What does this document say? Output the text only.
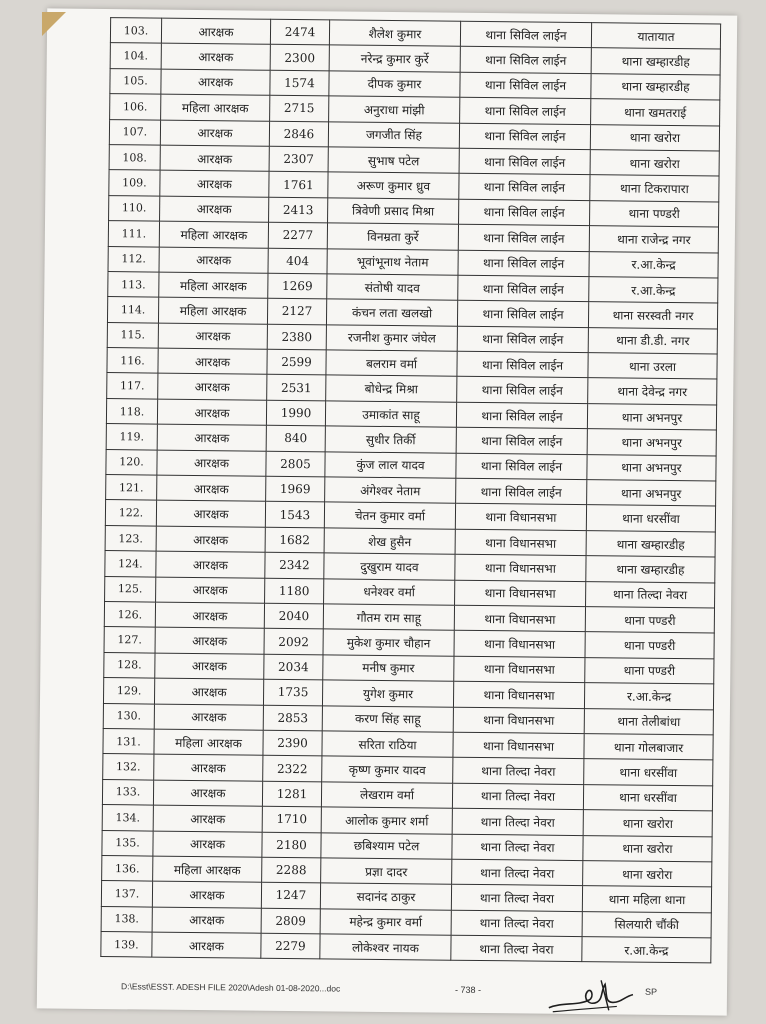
103.	आरक्षक	2474	शैलेश कुमार	थाना सिविल लाईन	यातायात
104.	आरक्षक	2300	नरेन्द्र कुमार कुर्रे	थाना सिविल लाईन	थाना खम्हारडीह
105.	आरक्षक	1574	दीपक कुमार	थाना सिविल लाईन	थाना खम्हारडीह
106.	महिला आरक्षक	2715	अनुराधा मांझी	थाना सिविल लाईन	थाना खमतराई
107.	आरक्षक	2846	जगजीत सिंह	थाना सिविल लाईन	थाना खरोरा
108.	आरक्षक	2307	सुभाष पटेल	थाना सिविल लाईन	थाना खरोरा
109.	आरक्षक	1761	अरूण कुमार ध्रुव	थाना सिविल लाईन	थाना टिकरापारा
110.	आरक्षक	2413	त्रिवेणी प्रसाद मिश्रा	थाना सिविल लाईन	थाना पण्डरी
111.	महिला आरक्षक	2277	विनम्रता कुर्रे	थाना सिविल लाईन	थाना राजेन्द्र नगर
112.	आरक्षक	404	भूवांभूनाथ नेताम	थाना सिविल लाईन	र.आ.केन्द्र
113.	महिला आरक्षक	1269	संतोषी यादव	थाना सिविल लाईन	र.आ.केन्द्र
114.	महिला आरक्षक	2127	कंचन लता खलखो	थाना सिविल लाईन	थाना सरस्वती नगर
115.	आरक्षक	2380	रजनीश कुमार जंघेल	थाना सिविल लाईन	थाना डी.डी. नगर
116.	आरक्षक	2599	बलराम वर्मा	थाना सिविल लाईन	थाना उरला
117.	आरक्षक	2531	बोधेन्द्र मिश्रा	थाना सिविल लाईन	थाना देवेन्द्र नगर
118.	आरक्षक	1990	उमाकांत साहू	थाना सिविल लाईन	थाना अभनपुर
119.	आरक्षक	840	सुधीर तिर्की	थाना सिविल लाईन	थाना अभनपुर
120.	आरक्षक	2805	कुंज लाल यादव	थाना सिविल लाईन	थाना अभनपुर
121.	आरक्षक	1969	अंगेश्वर नेताम	थाना सिविल लाईन	थाना अभनपुर
122.	आरक्षक	1543	चेतन कुमार वर्मा	थाना विधानसभा	थाना धरसींवा
123.	आरक्षक	1682	शेख हुसैन	थाना विधानसभा	थाना खम्हारडीह
124.	आरक्षक	2342	दुखुराम यादव	थाना विधानसभा	थाना खम्हारडीह
125.	आरक्षक	1180	धनेश्वर वर्मा	थाना विधानसभा	थाना तिल्दा नेवरा
126.	आरक्षक	2040	गौतम राम साहू	थाना विधानसभा	थाना पण्डरी
127.	आरक्षक	2092	मुकेश कुमार चौहान	थाना विधानसभा	थाना पण्डरी
128.	आरक्षक	2034	मनीष कुमार	थाना विधानसभा	थाना पण्डरी
129.	आरक्षक	1735	युगेश कुमार	थाना विधानसभा	र.आ.केन्द्र
130.	आरक्षक	2853	करण सिंह साहू	थाना विधानसभा	थाना तेलीबांधा
131.	महिला आरक्षक	2390	सरिता राठिया	थाना विधानसभा	थाना गोलबाजार
132.	आरक्षक	2322	कृष्ण कुमार यादव	थाना तिल्दा नेवरा	थाना धरसींवा
133.	आरक्षक	1281	लेखराम वर्मा	थाना तिल्दा नेवरा	थाना धरसींवा
134.	आरक्षक	1710	आलोक कुमार शर्मा	थाना तिल्दा नेवरा	थाना खरोरा
135.	आरक्षक	2180	छबिश्याम पटेल	थाना तिल्दा नेवरा	थाना खरोरा
136.	महिला आरक्षक	2288	प्रज्ञा दादर	थाना तिल्दा नेवरा	थाना खरोरा
137.	आरक्षक	1247	सदानंद ठाकुर	थाना तिल्दा नेवरा	थाना महिला थाना
138.	आरक्षक	2809	महेन्द्र कुमार वर्मा	थाना तिल्दा नेवरा	सिलयारी चौंकी
139.	आरक्षक	2279	लोकेश्वर नायक	थाना तिल्दा नेवरा	र.आ.केन्द्र
D:\Esst\ESST. ADESH FILE 2020\Adesh 01-08-2020...doc	- 738 -	SP
